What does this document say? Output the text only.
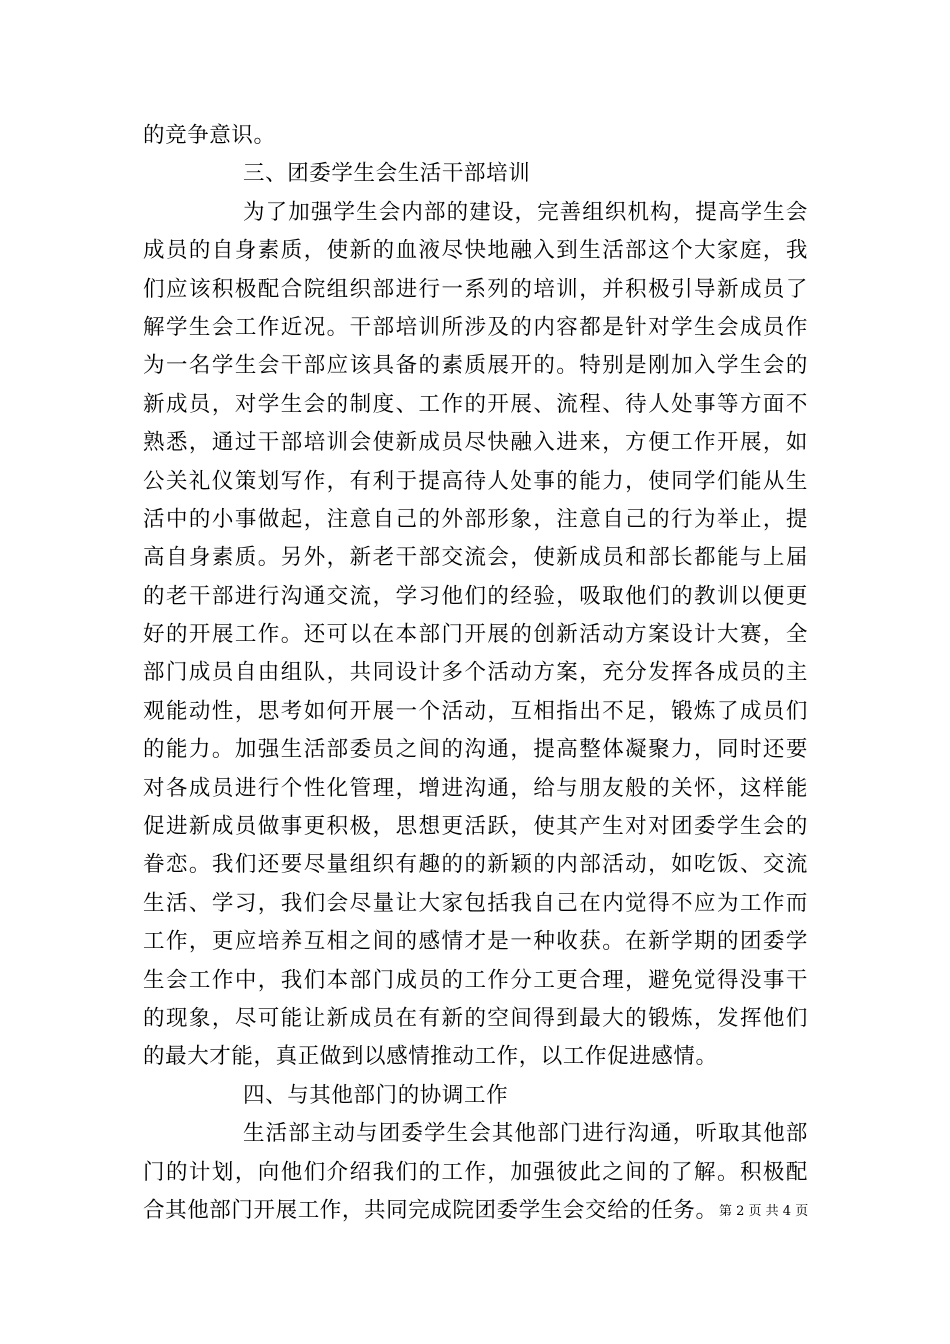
的竞争意识。
三、团委学生会生活干部培训
为了加强学生会内部的建设，完善组织机构，提高学生会
成员的自身素质，使新的血液尽快地融入到生活部这个大家庭，我
们应该积极配合院组织部进行一系列的培训，并积极引导新成员了
解学生会工作近况。干部培训所涉及的内容都是针对学生会成员作
为一名学生会干部应该具备的素质展开的。特别是刚加入学生会的
新成员，对学生会的制度、工作的开展、流程、待人处事等方面不
熟悉，通过干部培训会使新成员尽快融入进来，方便工作开展，如
公关礼仪策划写作，有利于提高待人处事的能力，使同学们能从生
活中的小事做起，注意自己的外部形象，注意自己的行为举止，提
高自身素质。另外，新老干部交流会，使新成员和部长都能与上届
的老干部进行沟通交流，学习他们的经验，吸取他们的教训以便更
好的开展工作。还可以在本部门开展的创新活动方案设计大赛，全
部门成员自由组队，共同设计多个活动方案，充分发挥各成员的主
观能动性，思考如何开展一个活动，互相指出不足，锻炼了成员们
的能力。加强生活部委员之间的沟通，提高整体凝聚力，同时还要
对各成员进行个性化管理，增进沟通，给与朋友般的关怀，这样能
促进新成员做事更积极，思想更活跃，使其产生对对团委学生会的
眷恋。我们还要尽量组织有趣的的新颖的内部活动，如吃饭、交流
生活、学习，我们会尽量让大家包括我自己在内觉得不应为工作而
工作，更应培养互相之间的感情才是一种收获。在新学期的团委学
生会工作中，我们本部门成员的工作分工更合理，避免觉得没事干
的现象，尽可能让新成员在有新的空间得到最大的锻炼，发挥他们
的最大才能，真正做到以感情推动工作，以工作促进感情。
四、与其他部门的协调工作
生活部主动与团委学生会其他部门进行沟通，听取其他部
门的计划，向他们介绍我们的工作，加强彼此之间的了解。积极配
合其他部门开展工作，共同完成院团委学生会交给的任务。 第 2 页 共 4 页
